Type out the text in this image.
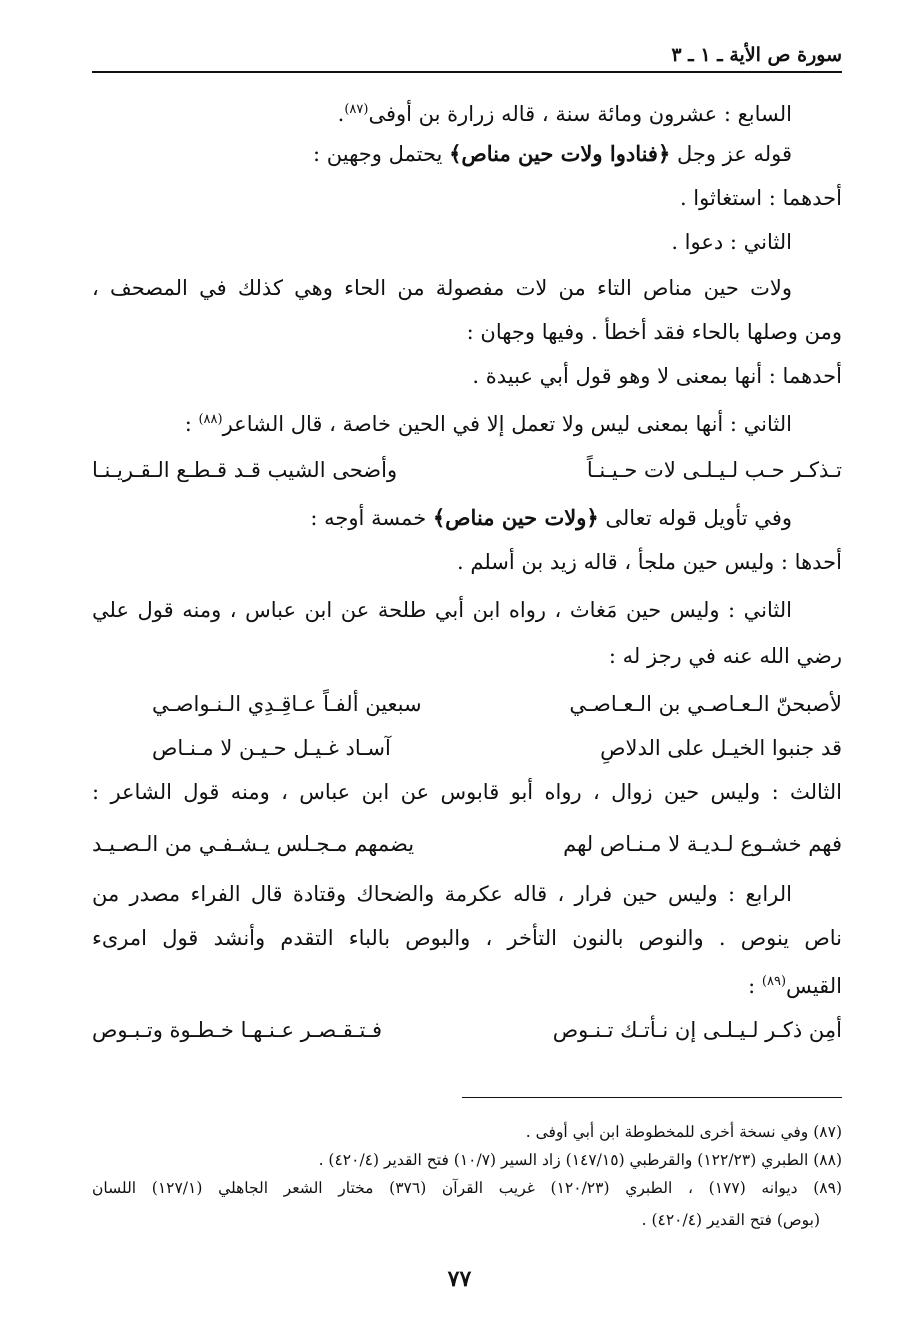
سورة ص الأية ـ ١ ـ ٣
السابع : عشرون ومائة سنة ، قاله زرارة بن أوفى$^{(٨٧)}$.
قوله عز وجل ﴿فنادوا ولات حين مناص﴾ يحتمل وجهين :
أحدهما : استغاثوا .
الثاني : دعوا .
ولات حين مناص التاء من لات مفصولة من الحاء وهي كذلك في المصحف ،
ومن وصلها بالحاء فقد أخطأ . وفيها وجهان :
أحدهما : أنها بمعنى لا وهو قول أبي عبيدة .
الثاني : أنها بمعنى ليس ولا تعمل إلا في الحين خاصة ، قال الشاعر$^{(٨٨)}$ :
تـذكـر حـب لـيـلـى لات حـيـنـاً
وأضحى الشيب قـد قـطـع الـقـريـنـا
وفي تأويل قوله تعالى ﴿ولات حين مناص﴾ خمسة أوجه :
أحدها : وليس حين ملجأ ، قاله زيد بن أسلم .
الثاني : وليس حين مَغاث ، رواه ابن أبي طلحة عن ابن عباس ، ومنه قول علي
رضي الله عنه في رجز له :
لأصبحنّ الـعـاصـي بن الـعـاصـي
سبعين ألفـاً عـاقِـدِي الـنـواصـي
قد جنبوا الخيـل على الدلاصِ
آسـاد غـيـل حـيـن لا مـنـاص
الثالث : وليس حين زوال ، رواه أبو قابوس عن ابن عباس ، ومنه قول الشاعر :
فهم خشـوع لـديـة لا مـنـاص لهم
يضمهم مـجـلس يـشـفـي من الـصـيـد
الرابع : وليس حين فرار ، قاله عكرمة والضحاك وقتادة قال الفراء مصدر من
ناص ينوص . والنوص بالنون التأخر ، والبوص بالباء التقدم وأنشد قول امرىء
القيس$^{(٨٩)}$ :
أمِن ذكـر لـيـلـى إن نـأتـك تـنـوص
فـتـقـصـر عـنـهـا خـطـوة وتـبـوص
(٨٧) وفي نسخة أخرى للمخطوطة ابن أبي أوفى .
(٨٨) الطبري (١٢٢/٢٣) والقرطبي (١٤٧/١٥) زاد السير (١٠/٧) فتح القدير (٤٢٠/٤) .
(٨٩) ديوانه (١٧٧) ، الطبري (١٢٠/٢٣) غريب القرآن (٣٧٦) مختار الشعر الجاهلي (١٢٧/١) اللسان
(بوص) فتح القدير (٤٢٠/٤) .
٧٧
